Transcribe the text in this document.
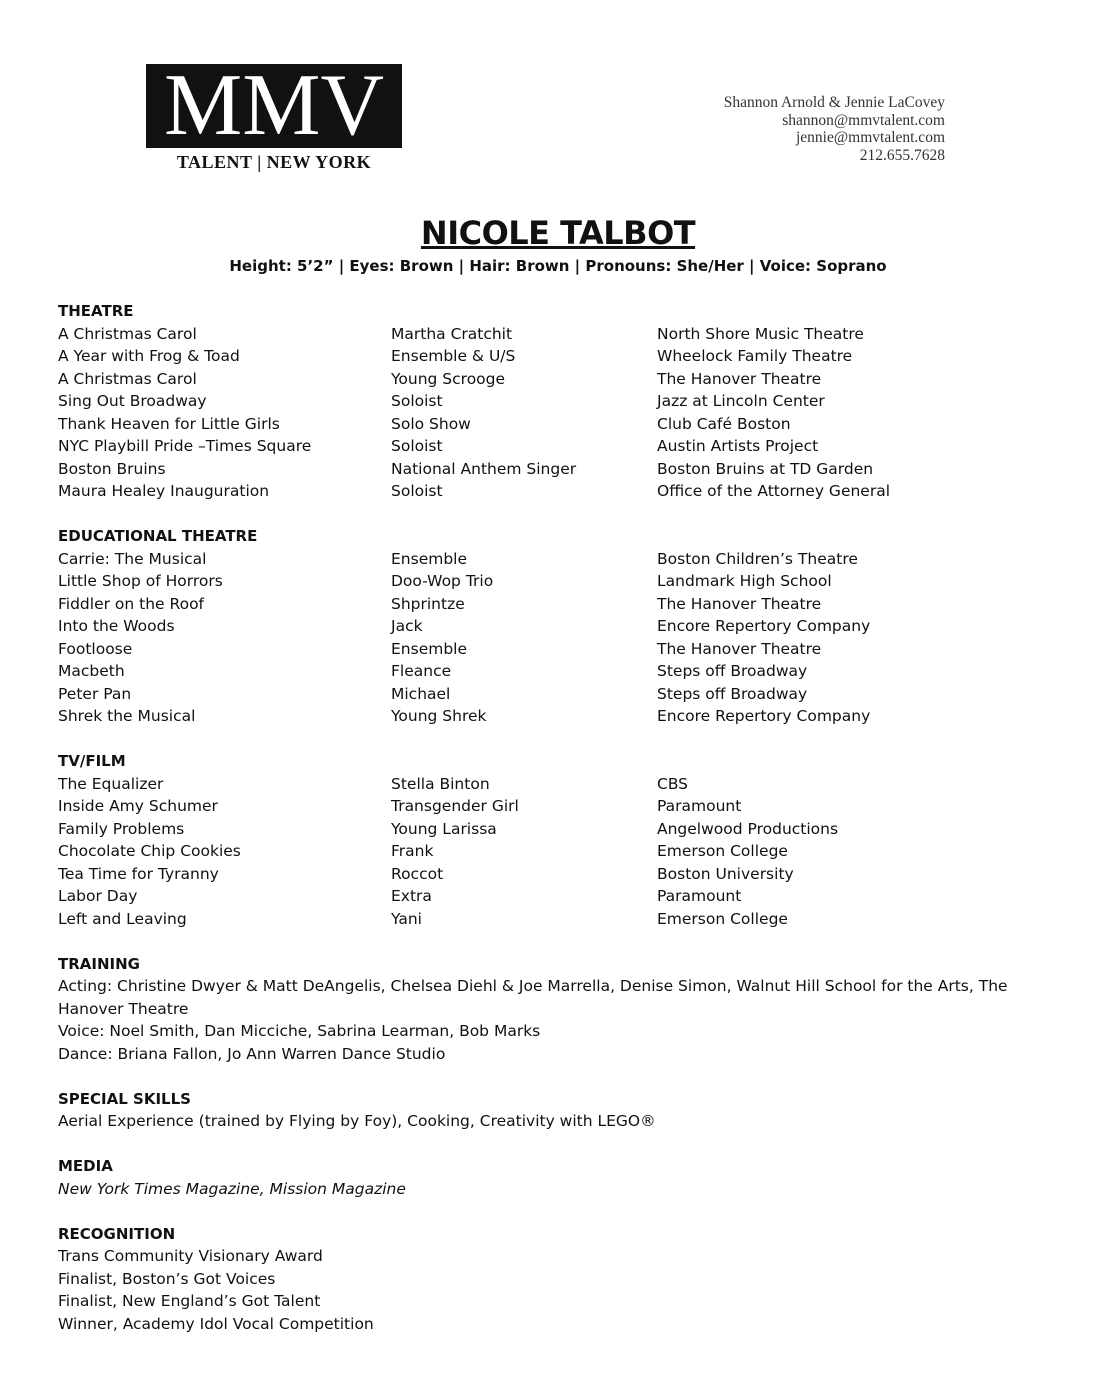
MMV
TALENT | NEW YORK
Shannon Arnold & Jennie LaCovey
shannon@mmvtalent.com
jennie@mmvtalent.com
212.655.7628
NICOLE TALBOT
Height: 5’2” | Eyes: Brown | Hair: Brown | Pronouns: She/Her | Voice: Soprano
THEATRE
A Christmas Carol	Martha Cratchit	North Shore Music Theatre
A Year with Frog & Toad	Ensemble & U/S	Wheelock Family Theatre
A Christmas Carol	Young Scrooge	The Hanover Theatre
Sing Out Broadway	Soloist	Jazz at Lincoln Center
Thank Heaven for Little Girls	Solo Show	Club Café Boston
NYC Playbill Pride –Times Square	Soloist	Austin Artists Project
Boston Bruins	National Anthem Singer	Boston Bruins at TD Garden
Maura Healey Inauguration	Soloist	Office of the Attorney General
EDUCATIONAL THEATRE
Carrie: The Musical	Ensemble	Boston Children’s Theatre
Little Shop of Horrors	Doo-Wop Trio	Landmark High School
Fiddler on the Roof	Shprintze	The Hanover Theatre
Into the Woods	Jack	Encore Repertory Company
Footloose	Ensemble	The Hanover Theatre
Macbeth	Fleance	Steps off Broadway
Peter Pan	Michael	Steps off Broadway
Shrek the Musical	Young Shrek	Encore Repertory Company
TV/FILM
The Equalizer	Stella Binton	CBS
Inside Amy Schumer	Transgender Girl	Paramount
Family Problems	Young Larissa	Angelwood Productions
Chocolate Chip Cookies	Frank	Emerson College
Tea Time for Tyranny	Roccot	Boston University
Labor Day	Extra	Paramount
Left and Leaving	Yani	Emerson College
TRAINING
Acting: Christine Dwyer & Matt DeAngelis, Chelsea Diehl & Joe Marrella, Denise Simon, Walnut Hill School for the Arts, The Hanover Theatre
Voice: Noel Smith, Dan Micciche, Sabrina Learman, Bob Marks
Dance: Briana Fallon, Jo Ann Warren Dance Studio
SPECIAL SKILLS
Aerial Experience (trained by Flying by Foy), Cooking, Creativity with LEGO®
MEDIA
New York Times Magazine, Mission Magazine
RECOGNITION
Trans Community Visionary Award
Finalist, Boston’s Got Voices
Finalist, New England’s Got Talent
Winner, Academy Idol Vocal Competition
